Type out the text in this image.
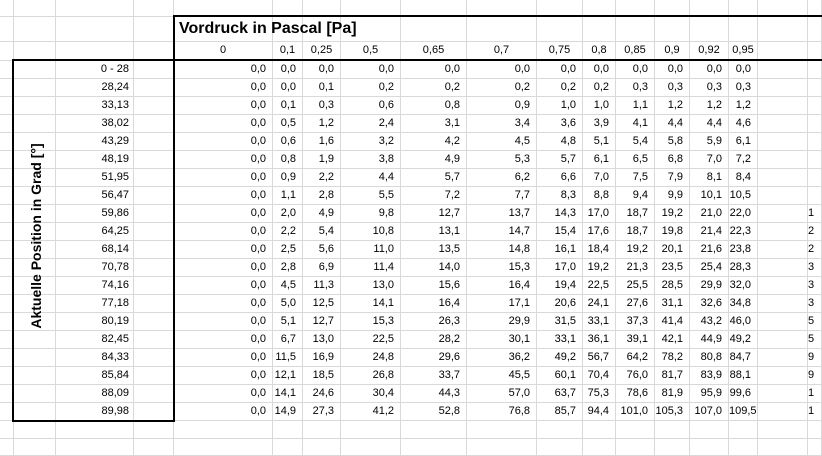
0	0,1	0,25	0,5	0,65	0,7	0,75	0,8	0,85	0,9	0,92	0,95
0 - 28	0,0	0,0	0,0	0,0	0,0	0,0	0,0	0,0	0,0	0,0	0,0	0,0
28,24	0,0	0,0	0,1	0,2	0,2	0,2	0,2	0,2	0,3	0,3	0,3	0,3
33,13	0,0	0,1	0,3	0,6	0,8	0,9	1,0	1,0	1,1	1,2	1,2	1,2
38,02	0,0	0,5	1,2	2,4	3,1	3,4	3,6	3,9	4,1	4,4	4,4	4,6
43,29	0,0	0,6	1,6	3,2	4,2	4,5	4,8	5,1	5,4	5,8	5,9	6,1
48,19	0,0	0,8	1,9	3,8	4,9	5,3	5,7	6,1	6,5	6,8	7,0	7,2
51,95	0,0	0,9	2,2	4,4	5,7	6,2	6,6	7,0	7,5	7,9	8,1	8,4
56,47	0,0	1,1	2,8	5,5	7,2	7,7	8,3	8,8	9,4	9,9	10,1 10,5
59,86	0,0	2,0	4,9	9,8	12,7	13,7	14,3	17,0	18,7	19,2	21,0 22,0	1
64,25	0,0	2,2	5,4	10,8	13,1	14,7	15,4	17,6	18,7	19,8	21,4 22,3	2
68,14	0,0	2,5	5,6	11,0	13,5	14,8	16,1	18,4	19,2	20,1	21,6 23,8	2
70,78	0,0	2,8	6,9	11,4	14,0	15,3	17,0	19,2	21,3	23,5	25,4 28,3	3
74,16	0,0	4,5	11,3	13,0	15,6	16,4	19,4	22,5	25,5	28,5	29,9 32,0	3
77,18	0,0	5,0	12,5	14,1	16,4	17,1	20,6	24,1	27,6	31,1	32,6 34,8	3
80,19	0,0	5,1	12,7	15,3	26,3	29,9	31,5	33,1	37,3	41,4	43,2 46,0	5
82,45	0,0	6,7	13,0	22,5	28,2	30,1	33,1	36,1	39,1	42,1	44,9 49,2	5
84,33	0,0 11,5	16,9	24,8	29,6	36,2	49,2	56,7	64,2	78,2	80,8 84,7	9
85,84	0,0 12,1	18,5	26,8	33,7	45,5	60,1	70,4	76,0	81,7	83,9 88,1	9
88,09	0,0 14,1	24,6	30,4	44,3	57,0	63,7	75,3	78,6	81,9	95,9 99,6	1
89,98	0,0 14,9	27,3	41,2	52,8	76,8	85,7	94,4	101,0 105,3	107,0 109,5	1
Vordruck in Pascal [Pa]
Aktuelle Position in Grad [°]
